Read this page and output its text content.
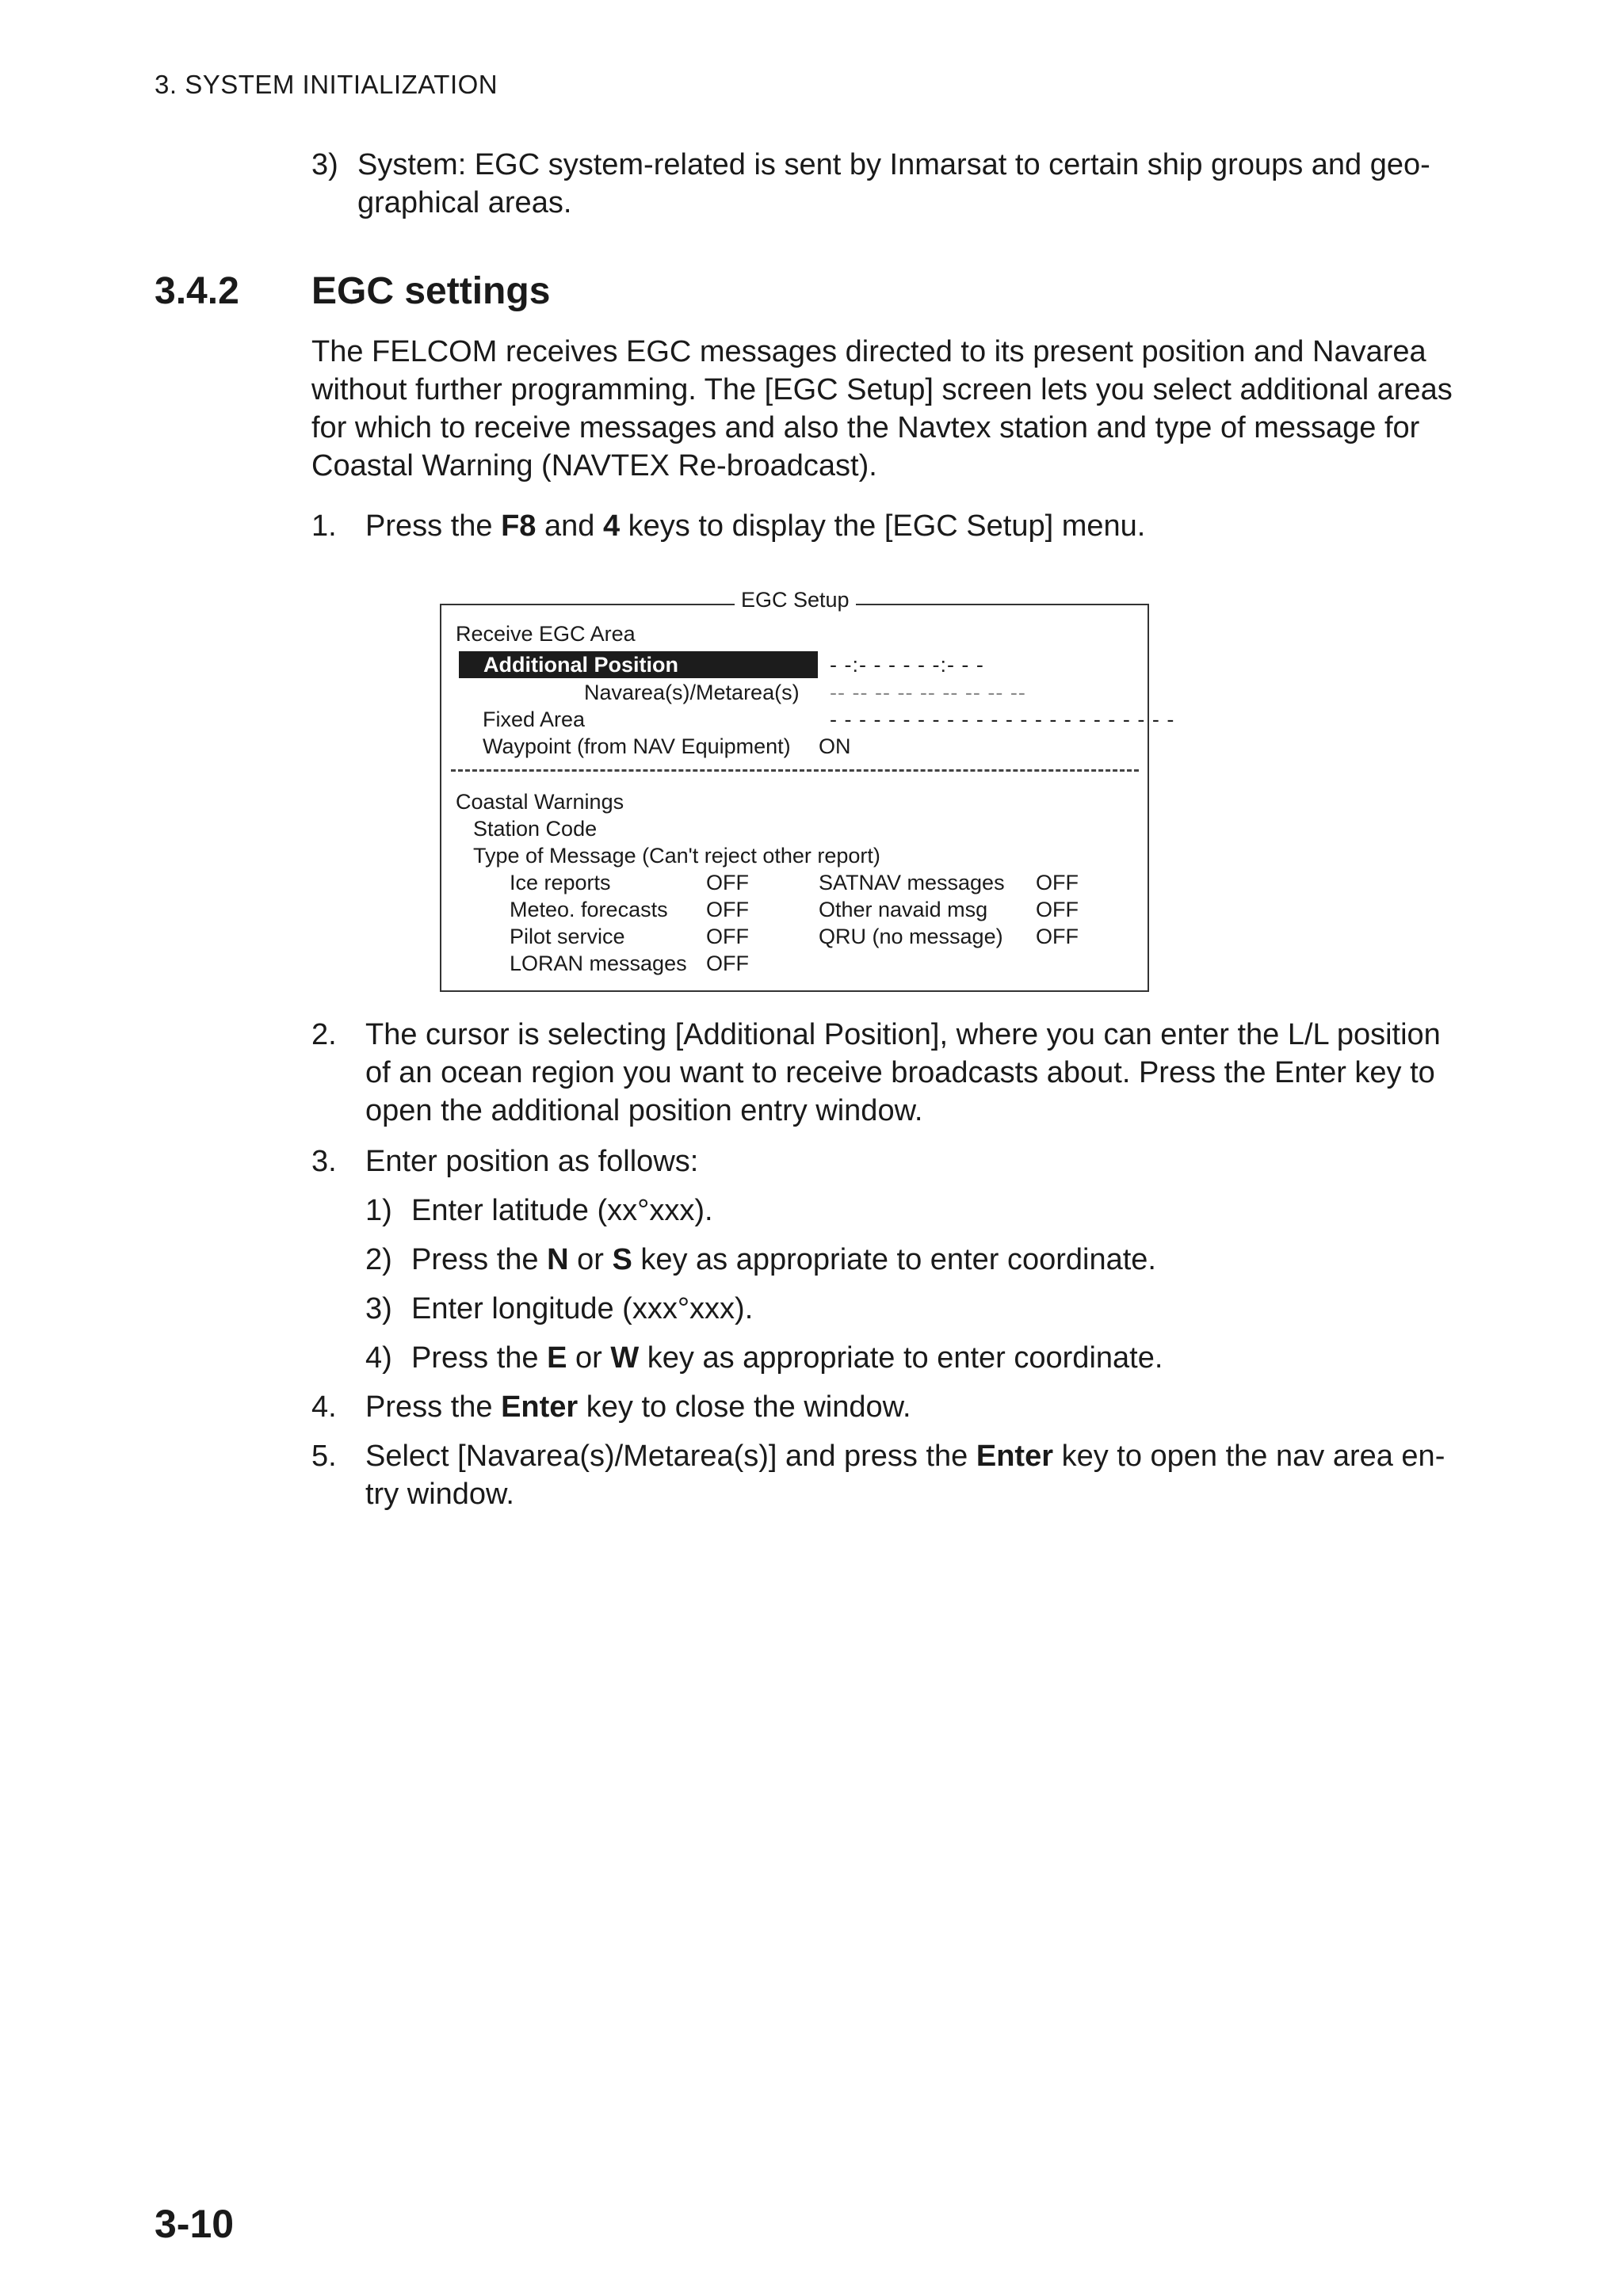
3. SYSTEM INITIALIZATION
3) System: EGC system-related is sent by Inmarsat to certain ship groups and geo- graphical areas.
3.4.2 EGC settings
The FELCOM receives EGC messages directed to its present position and Navarea without further programming. The [EGC Setup] screen lets you select additional areas for which to receive messages and also the Navtex station and type of message for Coastal Warning (NAVTEX Re-broadcast).
1. Press the F8 and 4 keys to display the [EGC Setup] menu.
EGC Setup
Receive EGC Area
Additional Position	- -:- - - - - -:- - -
Navarea(s)/Metarea(s) -- -- -- -- -- -- -- -- --
Fixed Area	- - - - - - - - - - - - - - - - - - - - - - - -
Waypoint (from NAV Equipment) ON
Coastal Warnings
Station Code
Type of Message (Can't reject other report)
Ice reports	OFF	SATNAV messages OFF
Meteo. forecasts OFF	Other navaid msg OFF
Pilot service	OFF	QRU (no message) OFF
LORAN messages OFF
2. The cursor is selecting [Additional Position], where you can enter the L/L position of an ocean region you want to receive broadcasts about. Press the Enter key to open the additional position entry window.
3. Enter position as follows:
1) Enter latitude (xx°xxx).
2) Press the N or S key as appropriate to enter coordinate.
3) Enter longitude (xxx°xxx).
4) Press the E or W key as appropriate to enter coordinate.
4. Press the Enter key to close the window.
5. Select [Navarea(s)/Metarea(s)] and press the Enter key to open the nav area en- try window.
3-10
